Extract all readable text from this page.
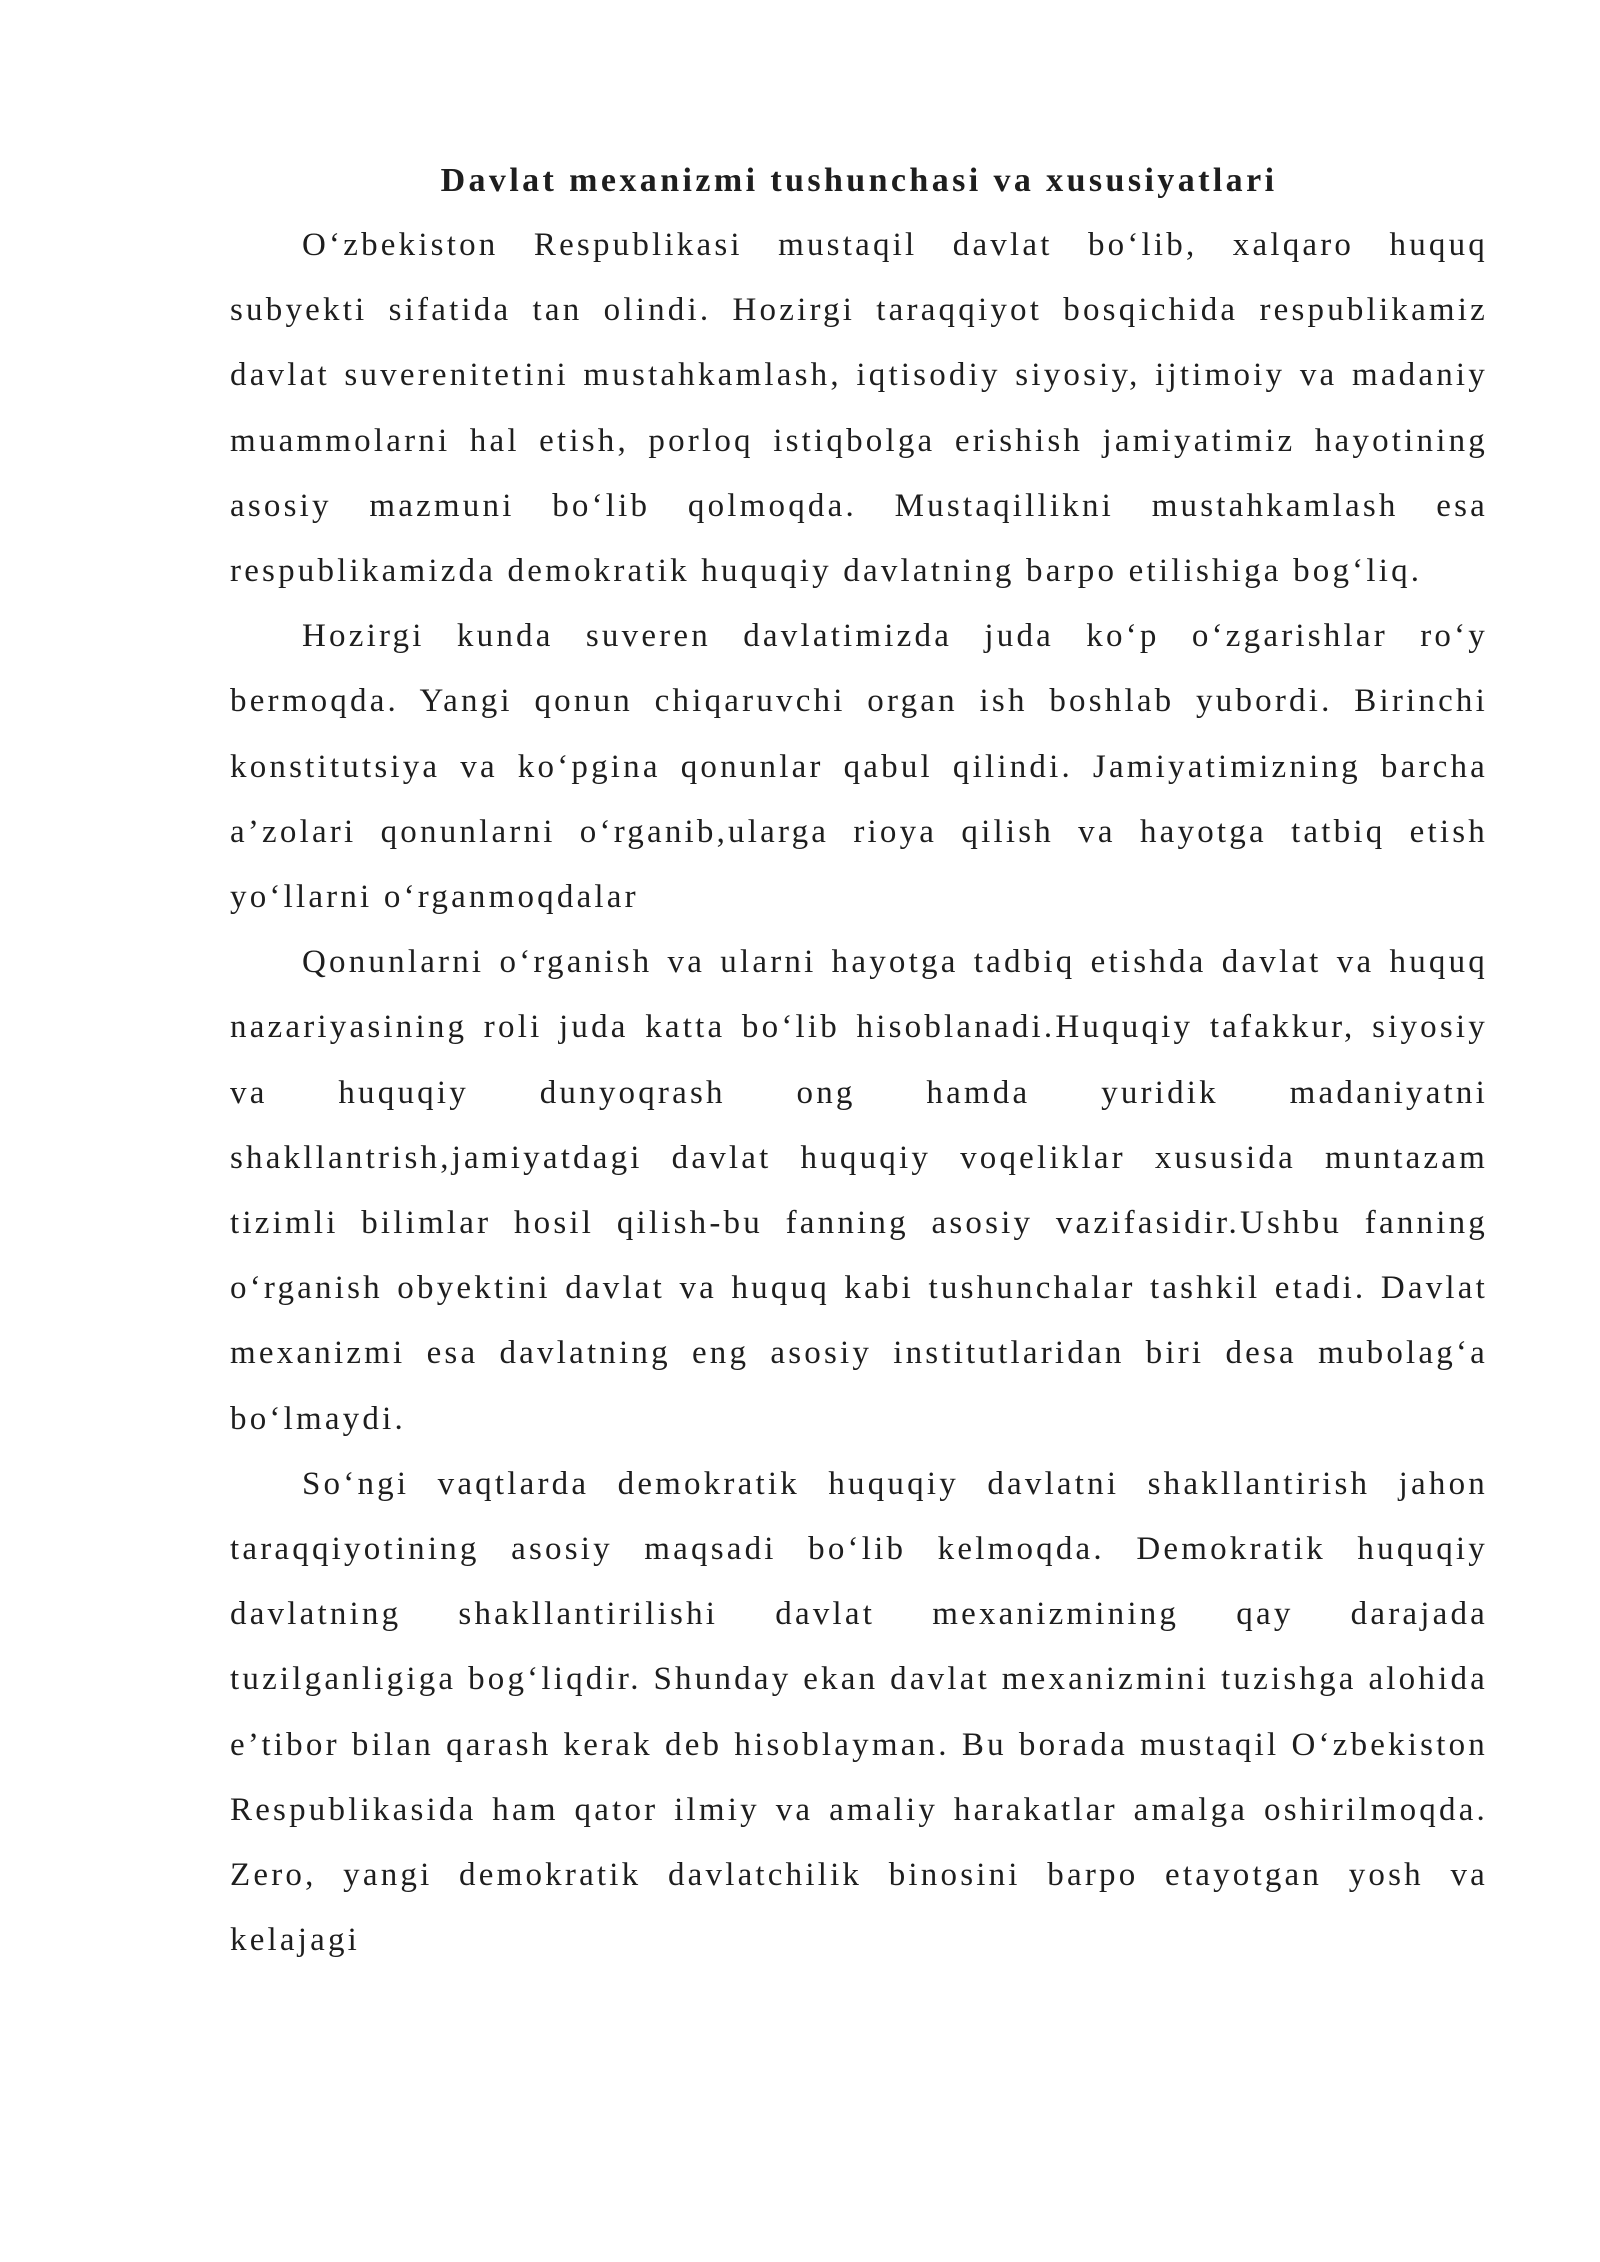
Davlat mexanizmi tushunchasi va xususiyatlari

O‘zbekiston Respublikasi mustaqil davlat bo‘lib, xalqaro huquq subyekti sifatida tan olindi. Hozirgi taraqqiyot bosqichida respublikamiz davlat suverenitetini mustahkamlash, iqtisodiy siyosiy, ijtimoiy va madaniy muammolarni hal etish, porloq istiqbolga erishish jamiyatimiz hayotining asosiy mazmuni bo‘lib qolmoqda. Mustaqillikni mustahkamlash esa respublikamizda demokratik huquqiy davlatning barpo etilishiga bog‘liq.

Hozirgi kunda suveren davlatimizda juda ko‘p o‘zgarishlar ro‘y bermoqda. Yangi qonun chiqaruvchi organ ish boshlab yubordi. Birinchi konstitutsiya va ko‘pgina qonunlar qabul qilindi. Jamiyatimizning barcha a’zolari qonunlarni o‘rganib,ularga rioya qilish va hayotga tatbiq etish yo‘llarni o‘rganmoqdalar

Qonunlarni o‘rganish va ularni hayotga tadbiq etishda davlat va huquq nazariyasining roli juda katta bo‘lib hisoblanadi.Huquqiy tafakkur, siyosiy va huquqiy dunyoqrash ong hamda yuridik madaniyatni shakllantrish,jamiyatdagi davlat huquqiy voqeliklar xususida muntazam tizimli bilimlar hosil qilish-bu fanning asosiy vazifasidir.Ushbu fanning o‘rganish obyektini davlat va huquq kabi tushunchalar tashkil etadi. Davlat mexanizmi esa davlatning eng asosiy institutlaridan biri desa mubolag‘a bo‘lmaydi.

So‘ngi vaqtlarda demokratik huquqiy davlatni shakllantirish jahon taraqqiyotining asosiy maqsadi bo‘lib kelmoqda. Demokratik huquqiy davlatning shakllantirilishi davlat mexanizmining qay darajada tuzilganligiga bog‘liqdir. Shunday ekan davlat mexanizmini tuzishga alohida e’tibor bilan qarash kerak deb hisoblayman. Bu borada mustaqil O‘zbekiston Respublikasida ham qator ilmiy va amaliy harakatlar amalga oshirilmoqda. Zero, yangi demokratik davlatchilik binosini barpo etayotgan yosh va kelajagi
